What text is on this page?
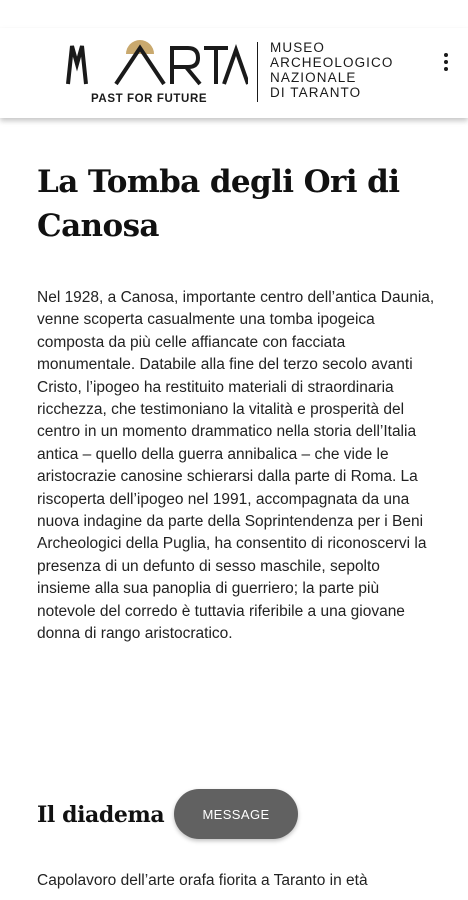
PAST FOR FUTURE
MUSEO
ARCHEOLOGICO
NAZIONALE
DI TARANTO
La Tomba degli Ori di Canosa

Nel 1928, a Canosa, importante centro dell’antica Daunia, venne scoperta casualmente una tomba ipogeica composta da più celle affiancate con facciata monumentale. Databile alla fine del terzo secolo avanti Cristo, l’ipogeo ha restituito materiali di straordinaria ricchezza, che testimoniano la vitalità e prosperità del centro in un momento drammatico nella storia dell’Italia antica – quello della guerra annibalica – che vide le aristocrazie canosine schierarsi dalla parte di Roma. La riscoperta dell’ipogeo nel 1991, accompagnata da una nuova indagine da parte della Soprintendenza per i Beni Archeologici della Puglia, ha consentito di riconoscervi la presenza di un defunto di sesso maschile, sepolto insieme alla sua panoplia di guerriero; la parte più notevole del corredo è tuttavia riferibile a una giovane donna di rango aristocratico.

Il diadema	MESSAGE

Capolavoro dell’arte orafa fiorita a Taranto in età
